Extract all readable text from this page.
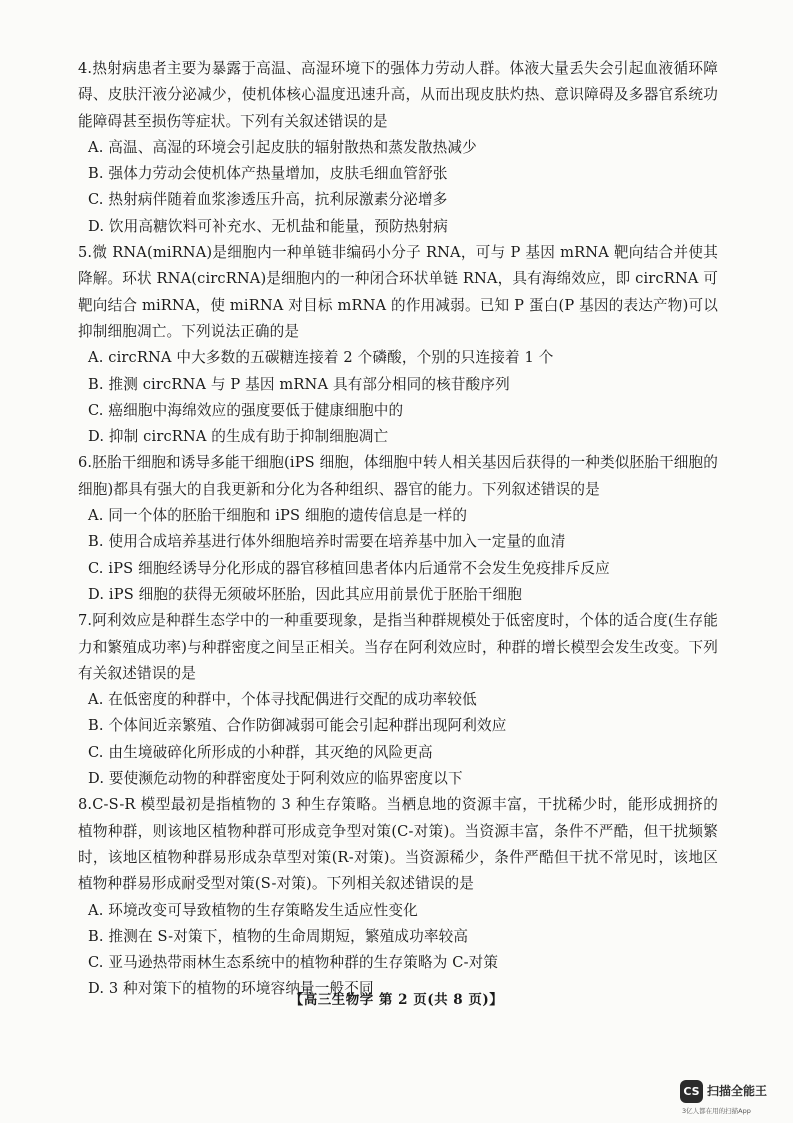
4.热射病患者主要为暴露于高温、高湿环境下的强体力劳动人群。体液大量丢失会引起血液循环障碍、皮肤汗液分泌减少，使机体核心温度迅速升高，从而出现皮肤灼热、意识障碍及多器官系统功能障碍甚至损伤等症状。下列有关叙述错误的是

A. 高温、高湿的环境会引起皮肤的辐射散热和蒸发散热减少
B. 强体力劳动会使机体产热量增加，皮肤毛细血管舒张
C. 热射病伴随着血浆渗透压升高，抗利尿激素分泌增多
D. 饮用高糖饮料可补充水、无机盐和能量，预防热射病

5.微 RNA(miRNA)是细胞内一种单链非编码小分子 RNA，可与 P 基因 mRNA 靶向结合并使其降解。环状 RNA(circRNA)是细胞内的一种闭合环状单链 RNA，具有海绵效应，即 circRNA 可靶向结合 miRNA，使 miRNA 对目标 mRNA 的作用减弱。已知 P 蛋白(P 基因的表达产物)可以抑制细胞凋亡。下列说法正确的是

A. circRNA 中大多数的五碳糖连接着 2 个磷酸，个别的只连接着 1 个
B. 推测 circRNA 与 P 基因 mRNA 具有部分相同的核苷酸序列
C. 癌细胞中海绵效应的强度要低于健康细胞中的
D. 抑制 circRNA 的生成有助于抑制细胞凋亡

6.胚胎干细胞和诱导多能干细胞(iPS 细胞，体细胞中转人相关基因后获得的一种类似胚胎干细胞的细胞)都具有强大的自我更新和分化为各种组织、器官的能力。下列叙述错误的是

A. 同一个体的胚胎干细胞和 iPS 细胞的遗传信息是一样的
B. 使用合成培养基进行体外细胞培养时需要在培养基中加入一定量的血清
C. iPS 细胞经诱导分化形成的器官移植回患者体内后通常不会发生免疫排斥反应
D. iPS 细胞的获得无须破坏胚胎，因此其应用前景优于胚胎干细胞

7.阿利效应是种群生态学中的一种重要现象，是指当种群规模处于低密度时，个体的适合度(生存能力和繁殖成功率)与种群密度之间呈正相关。当存在阿利效应时，种群的增长模型会发生改变。下列有关叙述错误的是

A. 在低密度的种群中，个体寻找配偶进行交配的成功率较低
B. 个体间近亲繁殖、合作防御减弱可能会引起种群出现阿利效应
C. 由生境破碎化所形成的小种群，其灭绝的风险更高
D. 要使濒危动物的种群密度处于阿利效应的临界密度以下

8.C-S-R 模型最初是指植物的 3 种生存策略。当栖息地的资源丰富，干扰稀少时，能形成拥挤的植物种群，则该地区植物种群可形成竞争型对策(C-对策)。当资源丰富，条件不严酷，但干扰频繁时，该地区植物种群易形成杂草型对策(R-对策)。当资源稀少，条件严酷但干扰不常见时，该地区植物种群易形成耐受型对策(S-对策)。下列相关叙述错误的是

A. 环境改变可导致植物的生存策略发生适应性变化
B. 推测在 S-对策下，植物的生命周期短，繁殖成功率较高
C. 亚马逊热带雨林生态系统中的植物种群的生存策略为 C-对策
D. 3 种对策下的植物的环境容纳量一般不同
【高三生物学 第 2 页(共 8 页)】
CS 扫描全能王
3亿人都在用的扫描App
